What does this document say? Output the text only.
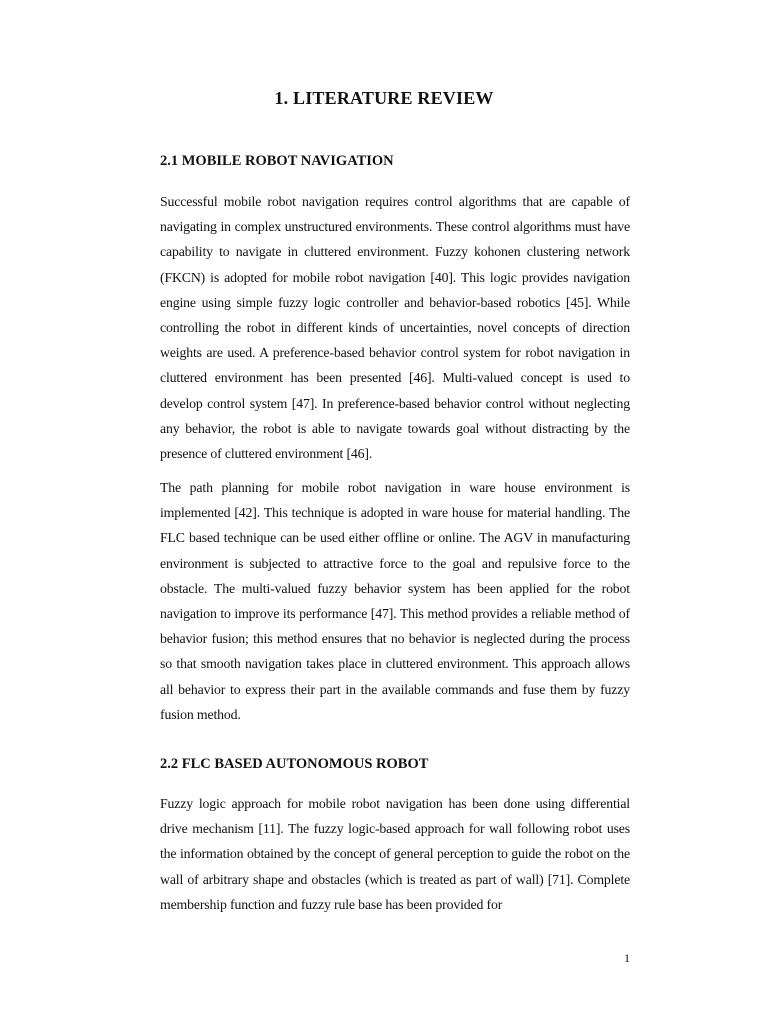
1. LITERATURE REVIEW
2.1 MOBILE ROBOT NAVIGATION

Successful mobile robot navigation requires control algorithms that are capable of navigating in complex unstructured environments. These control algorithms must have capability to navigate in cluttered environment. Fuzzy kohonen clustering network (FKCN) is adopted for mobile robot navigation [40]. This logic provides navigation engine using simple fuzzy logic controller and behavior-based robotics [45]. While controlling the robot in different kinds of uncertainties, novel concepts of direction weights are used. A preference-based behavior control system for robot navigation in cluttered environment has been presented [46]. Multi-valued concept is used to develop control system [47]. In preference-based behavior control without neglecting any behavior, the robot is able to navigate towards goal without distracting by the presence of cluttered environment [46].

The path planning for mobile robot navigation in ware house environment is implemented [42]. This technique is adopted in ware house for material handling. The FLC based technique can be used either offline or online. The AGV in manufacturing environment is subjected to attractive force to the goal and repulsive force to the obstacle. The multi-valued fuzzy behavior system has been applied for the robot navigation to improve its performance [47]. This method provides a reliable method of behavior fusion; this method ensures that no behavior is neglected during the process so that smooth navigation takes place in cluttered environment. This approach allows all behavior to express their part in the available commands and fuse them by fuzzy fusion method.

2.2 FLC BASED AUTONOMOUS ROBOT

Fuzzy logic approach for mobile robot navigation has been done using differential drive mechanism [11]. The fuzzy logic-based approach for wall following robot uses the information obtained by the concept of general perception to guide the robot on the wall of arbitrary shape and obstacles (which is treated as part of wall) [71]. Complete membership function and fuzzy rule base has been provided for

1
